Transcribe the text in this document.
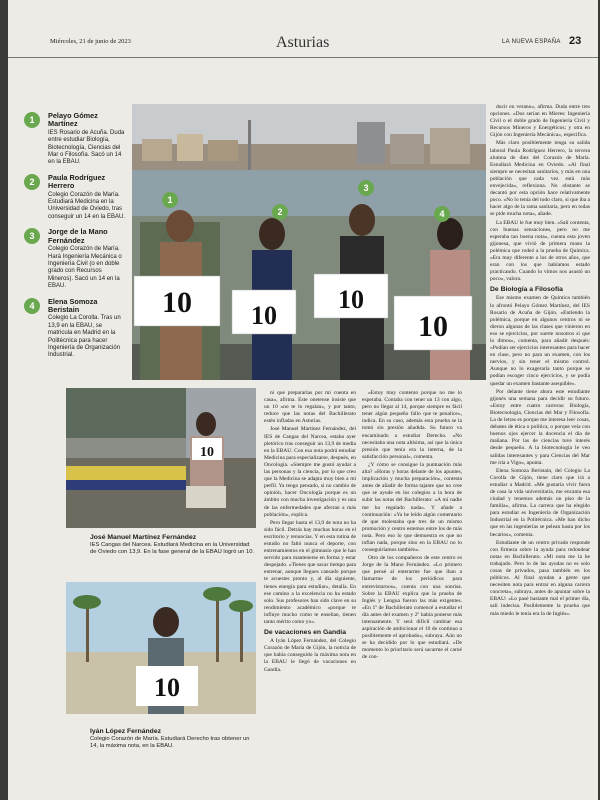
Miércoles, 21 de junio de 2023	Asturias	LA NUEVA ESPAÑA 23
1	Pelayo Gómez Martínez
IES Rosario de Acuña. Duda entre estudiar Biología, Biotecnología, Ciencias del Mar o Filosofía. Sacó un 14 en la EBAU.
2	Paula Rodríguez Herrero
Colegio Corazón de María. Estudiará Medicina en la Universidad de Oviedo, tras conseguir un 14 en la EBAU.
3	Jorge de la Mano Fernández
Colegio Corazón de María. Hará Ingeniería Mecánica o Ingeniería Civil (o en doble grado con Recursos Mineros). Sacó un 14 en la EBAU.
4	Elena Somoza Beristain
Colegio La Corolla. Tras un 13,9 en la EBAU, se matricula en Madrid en la Politécnica para hacer Ingeniería de Organización Industrial.
10 10
10
10
1
2
3
4
10
José Manuel Martínez Fernández
IES Cangas del Narcea. Estudiará Medicina en la Universidad de Oviedo con 13,9. En la fase general de la EBAU logró un 10.
10
Iyán López Fernández
Colegio Corazón de María. Estudiará Derecho tras obtener un 14, la máxima nota, en la EBAU.

ni que prepararlas por mi cuenta en casa», afirma. Este onetense insiste que un 10 «no te lo regalan», y por tanto, reduce que las notas del Bachillerato estén infladas en Asturias.

José Manuel Martínez Fernández, del IES de Cangas del Narcea, estaba ayer pletórico tras conseguir un 13,9 de media en la EBAU. Con esa nota podrá estudiar Medicina para especializarse, después, en Oncología. «Siempre me gustó ayudar a las personas y la ciencia, por lo que creo que la Medicina se adapta muy bien a mi perfil. Ya tengo pensado, si no cambio de opinión, hacer Oncología porque es un ámbito con mucha investigación y es una de las enfermedades que afectan a más población», explica.

Pero llegar hasta el 13,9 de nota no ha sido fácil. Detrás hay muchas horas en el escritorio y renuncias. Y en esta rutina de estudio no faltó nunca el deporte, con entrenamientos en el gimnasio que le han servido para mantenerse en forma y estar despejado. «Tienes que sacar tiempo para entrenar, aunque llegues cansado porque te acuestes pronto y, al día siguiente, tienes energía para estudiar», detalla. En ese camino a la excelencia no ha estado solo. Sus profesores han sido clave en su rendimiento académico «porque te influye mucho como te enseñan, tienen tanto mérito como yo».

De vacaciones en Gandía

A Iyán López Fernández, del Colegio Corazón de María de Gijón, la noticia de que había conseguido la máxima nota en la EBAU le llegó de vacaciones en Gandía.

«Estoy muy contento porque no me lo esperaba. Contaba con tener un 13 con algo, pero no llegar al 14, porque siempre es fácil tener algún pequeño fallo que te penalice», indica. En su caso, además esta prueba se la tomó sin presión añadida. Su futuro va encaminado a estudiar Derecho. «No necesitaba una nota altísima, así que la única presión que tenía era la interna, de la satisfacción personal», comenta.

¿Y cómo se consigue la puntuación más alta? «Horas y horas delante de los apuntes, implicación y mucha preparación», contesta antes de añadir de forma tajante que no cree que se ayude en los colegios a la hora de subir las notas del Bachillerato: «A mí nadie me ha regalado nada». Y añade a continuación: «Ya he leído algún comentario de que molestaba que tres de un mismo promoción y centro estemos entre los de más nota. Pero eso lo que demuestra es que no inflan nada, porque sino en la EBAU no lo conseguiríamos también».

Otro de los compañeros de este centro es Jorge de la Mano Fernández. «Lo primero que pensé al enterarme fue que iban a llamarme de los periódicos para entrevistarnos», cuenta con una sonrisa. Sobre la EBAU explica que la prueba de Inglés y Lengua fueron las más exigentes. «En 1º de Bachillerato comencé a estudiar el día antes del examen y 2º había ponerse más intensamente. Y será difícil cambiar esa aspiración de ambicionar el 10 de continuo a posiblemente el aprobado», subraya. Aún no se ha decidido por lo que estudiará. «De momento lo prioritario será sacarme el carné de con-

ducir en verano», afirma. Duda entre tres opciones. «Dos serían en Mieres: Ingeniería Civil o el doble grado de Ingeniería Civil y Recursos Mineros y Energéticos; y otra en Gijón con Ingeniería Mecánica», especifica.

Más claro posiblemente tenga su salida laboral Paula Rodríguez Herrero, la tercera alumna de diez del Corazón de María. Estudiará Medicina en Oviedo. «Al final siempre se necesitan sanitarios, y más en una población que cada vez está más envejecida», reflexiona. No obstante se decantó por esta opción hace relativamente poco. «No lo tenía del todo claro, si que iba a hacer algo de la rama sanitaria, pero en todas se pide mucha nota», añade.

La EBAU le fue muy bien. «Salí contenta, con buenas sensaciones, pero no me esperaba tan buena nota», cuenta esta joven gijonesa, que vivió de primera mano la polémica que rodeó a la prueba de Química. «Era muy diferente a los de otros años, que eran con los que habíamos estado practicando. Cuando lo vimos nos asustó un poco», valora.

De Biología a Filosofía

Ese mismo examen de Química también lo afrontó Pelayo Gómez Martínez, del IES Rosario de Acuña de Gijón. «Entiendo la polémica, porque en algunos centros ni se dieron algunas de las clases que vinieron en eso se ejercicios, por suerte nosotros sí que lo dimos», comenta, para añadir después: «Podían ser ejercicios interesantes para hacer en clase, pero no para un examen, con los nervios, y sin tener el mismo control. Aunque no lo exageraría tanto porque se podían escoger cinco ejercicios, y se podía quedar un examen bastante asequible».

Por delante tiene ahora este estudiante gijonés una semana para decidir su futuro. «Estoy entre cuatro carreras: Biología, Biotecnología, Ciencias del Mar y Filosofía. La de letras es porque me interesa leer cosas, debates de ética o política, o porque veía con buenos ojos ejercer la docencia el día de mañana. Por las de ciencias tuve interés desde pequeño. A la biotecnología le veo salidas interesantes y para Ciencias del Mar me iría a Vigo», apunta.

Elena Somoza Beristain, del Colegio La Corolla de Gijón, tiene claro que irá a estudiar a Madrid. «Me gustaría vivir fuera de casa la vida universitaria, me encanta esa ciudad y tenemos además un piso de la familia», afirma. La carrera que ha elegido para estudiar es Ingeniería de Organización Industrial en la Politécnica. «Me han dicho que en las ingenierías se pelean hasta por los becarios», comenta.

Estudiante de un centro privado responde con firmeza sobre la ayuda para redondear notas en Bachillerato. «Mi nota me la he trabajado. Pero lo de las ayudas no es solo cosas de privados, pasa también en los públicos. Al final ayudan a gente que necesiten nota para entrar en alguna carrera concreta», subraya, antes de apuntar sobre la EBAU: «Lo pasé bastante mal el primer día, salí indecisa. Posiblemente la prueba que más miedo le tenía era la de Inglés».
